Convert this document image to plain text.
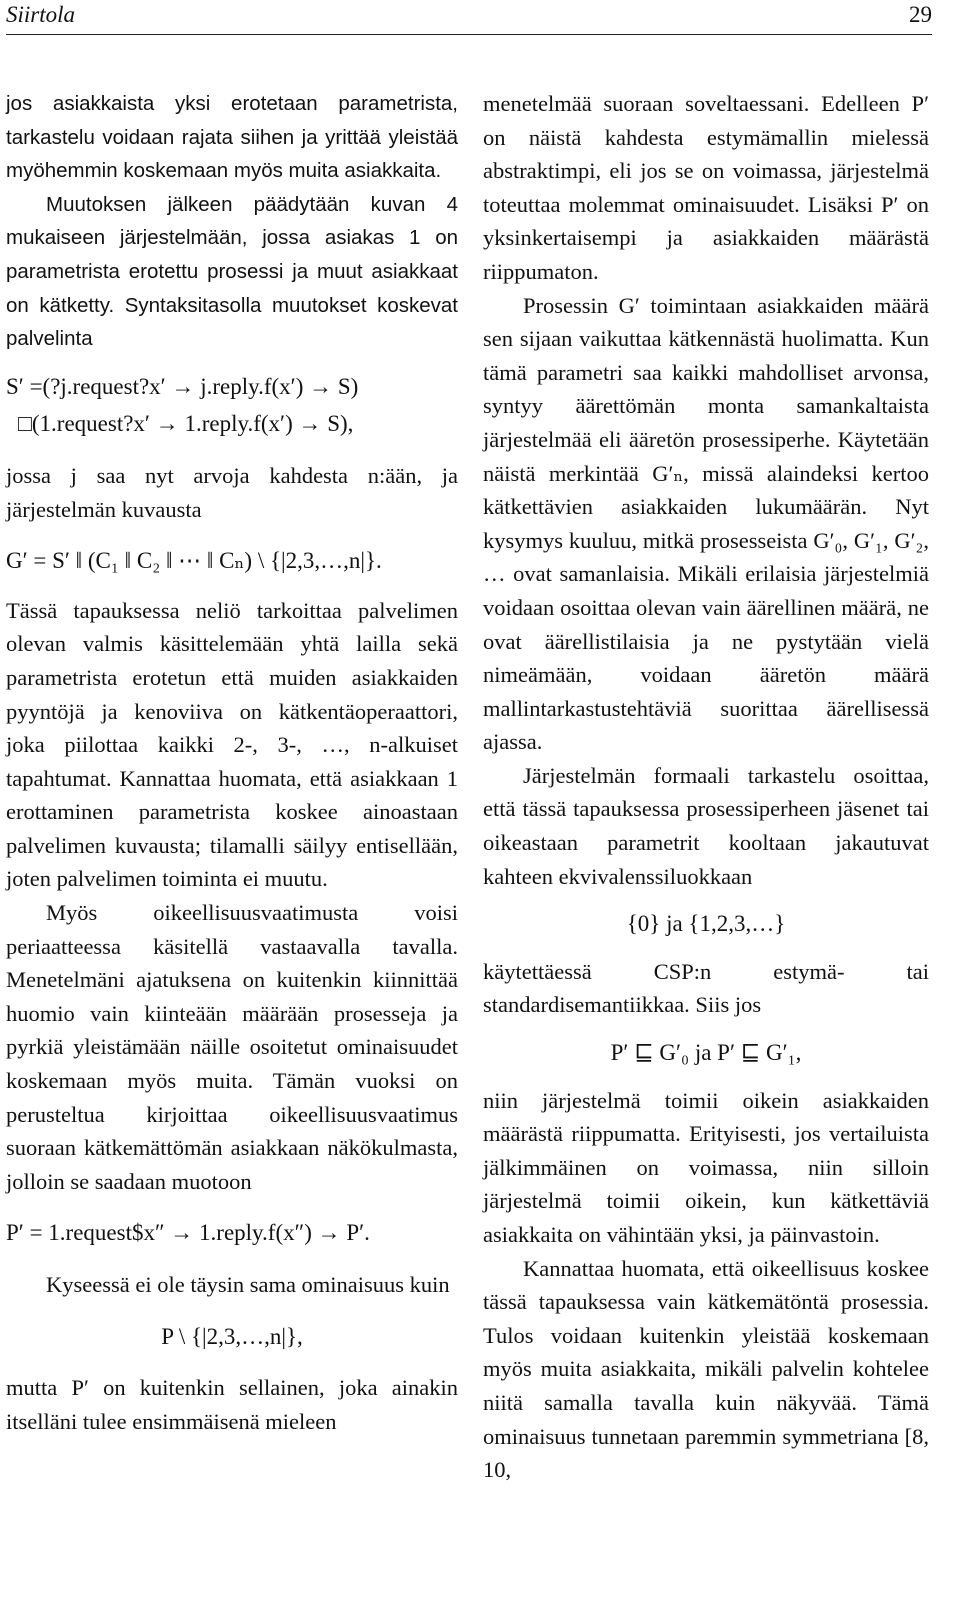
Siirtola	29

jos asiakkaista yksi erotetaan parametrista, tarkastelu voidaan rajata siihen ja yrittää yleistää myöhemmin koskemaan myös muita asiakkaita.

Muutoksen jälkeen päädytään kuvan 4 mukaiseen järjestelmään, jossa asiakas 1 on parametrista erotettu prosessi ja muut asiakkaat on kätketty. Syntaksitasolla muutokset koskevat palvelinta

S′ =(?j.request?x′ → j.reply.f(x′) → S)
□(1.request?x′ → 1.reply.f(x′) → S),

jossa j saa nyt arvoja kahdesta n:ään, ja järjestelmän kuvausta

G′ = S′ ‖ (C₁ ‖ C₂ ‖ ⋯ ‖ Cₙ) \ {|2,3,…,n|}.

Tässä tapauksessa neliö tarkoittaa palvelimen olevan valmis käsittelemään yhtä lailla sekä parametrista erotetun että muiden asiakkaiden pyyntöjä ja kenoviiva on kätkentäoperaattori, joka piilottaa kaikki 2-, 3-, …, n-alkuiset tapahtumat. Kannattaa huomata, että asiakkaan 1 erottaminen parametrista koskee ainoastaan palvelimen kuvausta; tilamalli säilyy entisellään, joten palvelimen toiminta ei muutu.

Myös oikeellisuusvaatimusta voisi periaatteessa käsitellä vastaavalla tavalla. Menetelmäni ajatuksena on kuitenkin kiinnittää huomio vain kiinteään määrään prosesseja ja pyrkiä yleistämään näille osoitetut ominaisuudet koskemaan myös muita. Tämän vuoksi on perusteltua kirjoittaa oikeellisuusvaatimus suoraan kätkemättömän asiakkaan näkökulmasta, jolloin se saadaan muotoon

P′ = 1.request$x″ → 1.reply.f(x″) → P′.

Kyseessä ei ole täysin sama ominaisuus kuin

P \ {|2,3,…,n|},

mutta P′ on kuitenkin sellainen, joka ainakin itselläni tulee ensimmäisenä mieleen

menetelmää suoraan soveltaessani. Edelleen P′ on näistä kahdesta estymämallin mielessä abstraktimpi, eli jos se on voimassa, järjestelmä toteuttaa molemmat ominaisuudet. Lisäksi P′ on yksinkertaisempi ja asiakkaiden määrästä riippumaton.

Prosessin G′ toimintaan asiakkaiden määrä sen sijaan vaikuttaa kätkennästä huolimatta. Kun tämä parametri saa kaikki mahdolliset arvonsa, syntyy äärettömän monta samankaltaista järjestelmää eli ääretön prosessiperhe. Käytetään näistä merkintää G′ₙ, missä alaindeksi kertoo kätkettävien asiakkaiden lukumäärän. Nyt kysymys kuuluu, mitkä prosesseista G′₀, G′₁, G′₂, … ovat samanlaisia. Mikäli erilaisia järjestelmiä voidaan osoittaa olevan vain äärellinen määrä, ne ovat äärellistilaisia ja ne pystytään vielä nimeämään, voidaan ääretön määrä mallintarkastustehtäviä suorittaa äärellisessä ajassa.

Järjestelmän formaali tarkastelu osoittaa, että tässä tapauksessa prosessiperheen jäsenet tai oikeastaan parametrit kooltaan jakautuvat kahteen ekvivalenssiluokkaan

{0} ja {1,2,3,…}

käytettäessä CSP:n estymä- tai standardisemantiikkaa. Siis jos

P′ ⊑ G′₀ ja P′ ⊑ G′₁,

niin järjestelmä toimii oikein asiakkaiden määrästä riippumatta. Erityisesti, jos vertailuista jälkimmäinen on voimassa, niin silloin järjestelmä toimii oikein, kun kätkettäviä asiakkaita on vähintään yksi, ja päinvastoin.

Kannattaa huomata, että oikeellisuus koskee tässä tapauksessa vain kätkemätöntä prosessia. Tulos voidaan kuitenkin yleistää koskemaan myös muita asiakkaita, mikäli palvelin kohtelee niitä samalla tavalla kuin näkyvää. Tämä ominaisuus tunnetaan paremmin symmetriana [8, 10,
